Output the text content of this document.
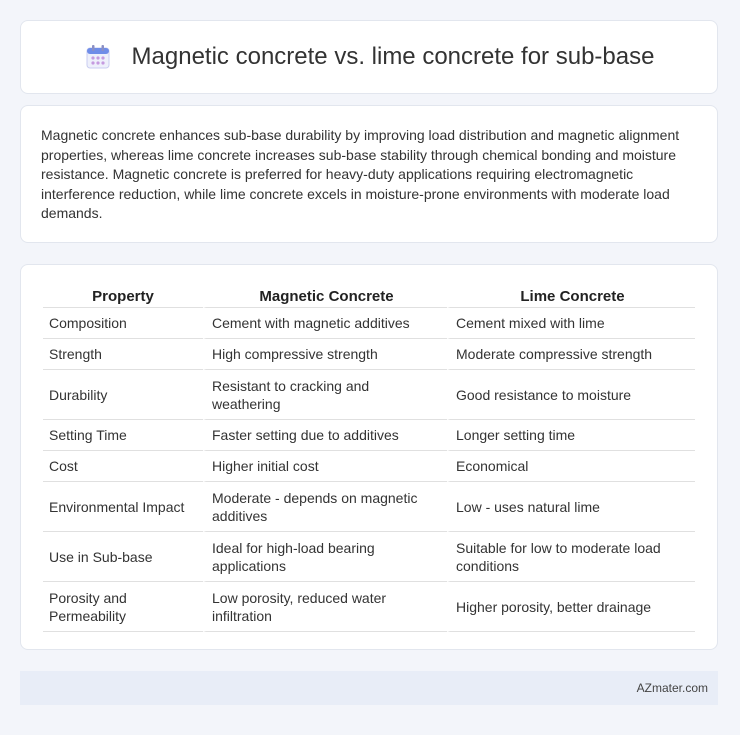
Magnetic concrete vs. lime concrete for sub-base

Magnetic concrete enhances sub-base durability by improving load distribution and magnetic alignment properties, whereas lime concrete increases sub-base stability through chemical bonding and moisture resistance. Magnetic concrete is preferred for heavy-duty applications requiring electromagnetic interference reduction, while lime concrete excels in moisture-prone environments with moderate load demands.

Property	Magnetic Concrete	Lime Concrete
Composition	Cement with magnetic additives	Cement mixed with lime
Strength	High compressive strength	Moderate compressive strength
Durability	Resistant to cracking and weathering	Good resistance to moisture
Setting Time	Faster setting due to additives	Longer setting time
Cost	Higher initial cost	Economical
Environmental Impact	Moderate - depends on magnetic additives	Low - uses natural lime
Use in Sub-base	Ideal for high-load bearing applications	Suitable for low to moderate load conditions
Porosity and Permeability	Low porosity, reduced water infiltration	Higher porosity, better drainage
AZmater.com
